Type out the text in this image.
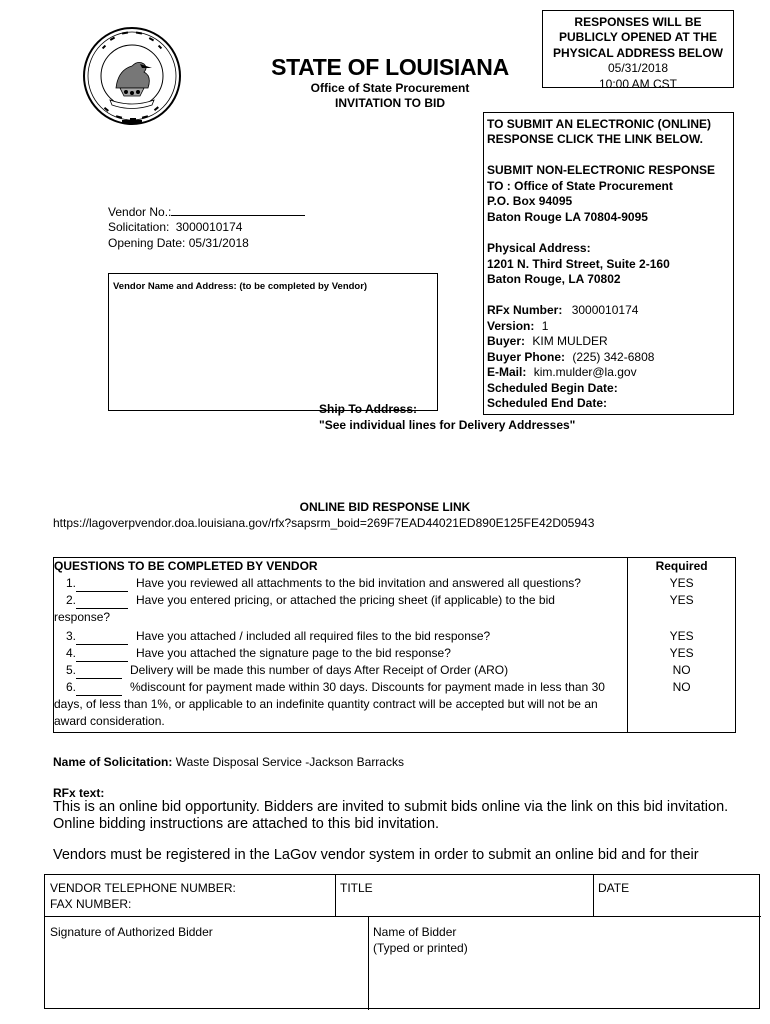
STATE OF LOUISIANA
Office of State Procurement
INVITATION TO BID
RESPONSES WILL BE
PUBLICLY OPENED AT THE
PHYSICAL ADDRESS BELOW
05/31/2018
10:00 AM CST
TO SUBMIT AN ELECTRONIC (ONLINE)
RESPONSE CLICK THE LINK BELOW.
SUBMIT NON-ELECTRONIC RESPONSE
TO : Office of State Procurement
P.O. Box 94095
Baton Rouge LA 70804-9095
Physical Address:
1201 N. Third Street, Suite 2-160
Baton Rouge, LA 70802
RFx Number: 3000010174
Version: 1
Buyer: KIM MULDER
Buyer Phone: (225) 342-6808
E-Mail: kim.mulder@la.gov
Scheduled Begin Date:
Scheduled End Date:
Vendor No.:
Solicitation: 3000010174
Opening Date: 05/31/2018
Vendor Name and Address: (to be completed by Vendor)
Ship To Address:
"See individual lines for Delivery Addresses"
ONLINE BID RESPONSE LINK
https://lagoverpvendor.doa.louisiana.gov/rfx?sapsrm_boid=269F7EAD44021ED890E125FE42D05943
QUESTIONS TO BE COMPLETED BY VENDOR	Required
1. Have you reviewed all attachments to the bid invitation and answered all questions?	YES
2. Have you entered pricing, or attached the pricing sheet (if applicable) to the bid
response?	YES
3. Have you attached / included all required files to the bid response?	YES
4. Have you attached the signature page to the bid response?	YES
5. Delivery will be made this number of days After Receipt of Order (ARO)	NO
6. %discount for payment made within 30 days. Discounts for payment made in less than 30
days, of less than 1%, or applicable to an indefinite quantity contract will be accepted but will not be an
award consideration.	NO
Name of Solicitation: Waste Disposal Service -Jackson Barracks
RFx text:
This is an online bid opportunity. Bidders are invited to submit bids online via the link on this bid invitation. Online bidding instructions are attached to this bid invitation.
Vendors must be registered in the LaGov vendor system in order to submit an online bid and for their
VENDOR TELEPHONE NUMBER:
FAX NUMBER:
TITLE	DATE
Signature of Authorized Bidder	Name of Bidder
(Typed or printed)
